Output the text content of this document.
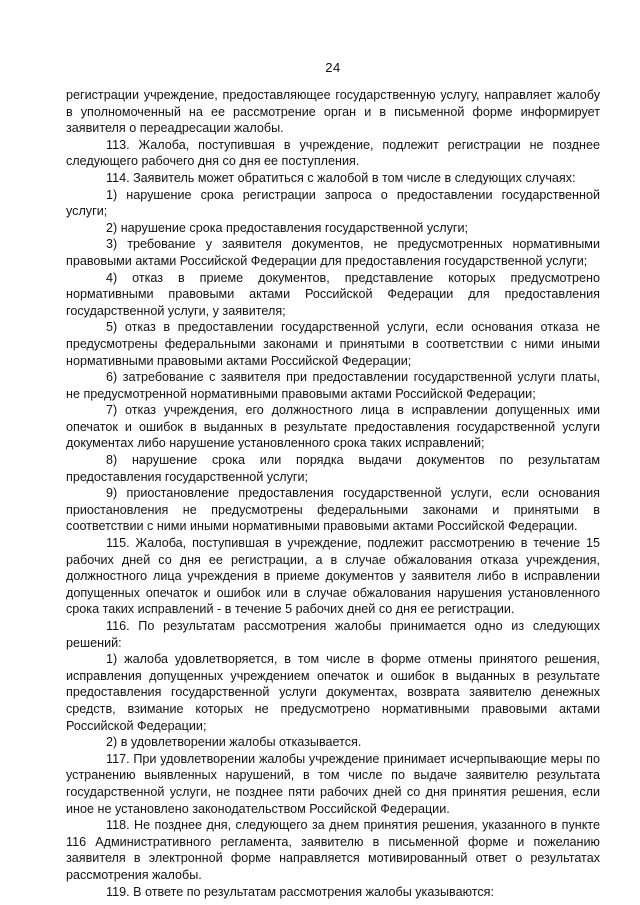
24

регистрации учреждение, предоставляющее государственную услугу, направляет жалобу в уполномоченный на ее рассмотрение орган и в письменной форме информирует заявителя о переадресации жалобы.

113. Жалоба, поступившая в учреждение, подлежит регистрации не позднее следующего рабочего дня со дня ее поступления.

114. Заявитель может обратиться с жалобой в том числе в следующих случаях:

1) нарушение срока регистрации запроса о предоставлении государственной услуги;

2) нарушение срока предоставления государственной услуги;

3) требование у заявителя документов, не предусмотренных нормативными правовыми актами Российской Федерации для предоставления государственной услуги;

4) отказ в приеме документов, представление которых предусмотрено нормативными правовыми актами Российской Федерации для предоставления государственной услуги, у заявителя;

5) отказ в предоставлении государственной услуги, если основания отказа не предусмотрены федеральными законами и принятыми в соответствии с ними иными нормативными правовыми актами Российской Федерации;

6) затребование с заявителя при предоставлении государственной услуги платы, не предусмотренной нормативными правовыми актами Российской Федерации;

7) отказ учреждения, его должностного лица в исправлении допущенных ими опечаток и ошибок в выданных в результате предоставления государственной услуги документах либо нарушение установленного срока таких исправлений;

8) нарушение срока или порядка выдачи документов по результатам предоставления государственной услуги;

9) приостановление предоставления государственной услуги, если основания приостановления не предусмотрены федеральными законами и принятыми в соответствии с ними иными нормативными правовыми актами Российской Федерации.

115. Жалоба, поступившая в учреждение, подлежит рассмотрению в течение 15 рабочих дней со дня ее регистрации, а в случае обжалования отказа учреждения, должностного лица учреждения в приеме документов у заявителя либо в исправлении допущенных опечаток и ошибок или в случае обжалования нарушения установленного срока таких исправлений - в течение 5 рабочих дней со дня ее регистрации.

116. По результатам рассмотрения жалобы принимается одно из следующих решений:

1) жалоба удовлетворяется, в том числе в форме отмены принятого решения, исправления допущенных учреждением опечаток и ошибок в выданных в результате предоставления государственной услуги документах, возврата заявителю денежных средств, взимание которых не предусмотрено нормативными правовыми актами Российской Федерации;

2) в удовлетворении жалобы отказывается.

117. При удовлетворении жалобы учреждение принимает исчерпывающие меры по устранению выявленных нарушений, в том числе по выдаче заявителю результата государственной услуги, не позднее пяти рабочих дней со дня принятия решения, если иное не установлено законодательством Российской Федерации.

118. Не позднее дня, следующего за днем принятия решения, указанного в пункте 116 Административного регламента, заявителю в письменной форме и пожеланию заявителя в электронной форме направляется мотивированный ответ о результатах рассмотрения жалобы.

119. В ответе по результатам рассмотрения жалобы указываются:
